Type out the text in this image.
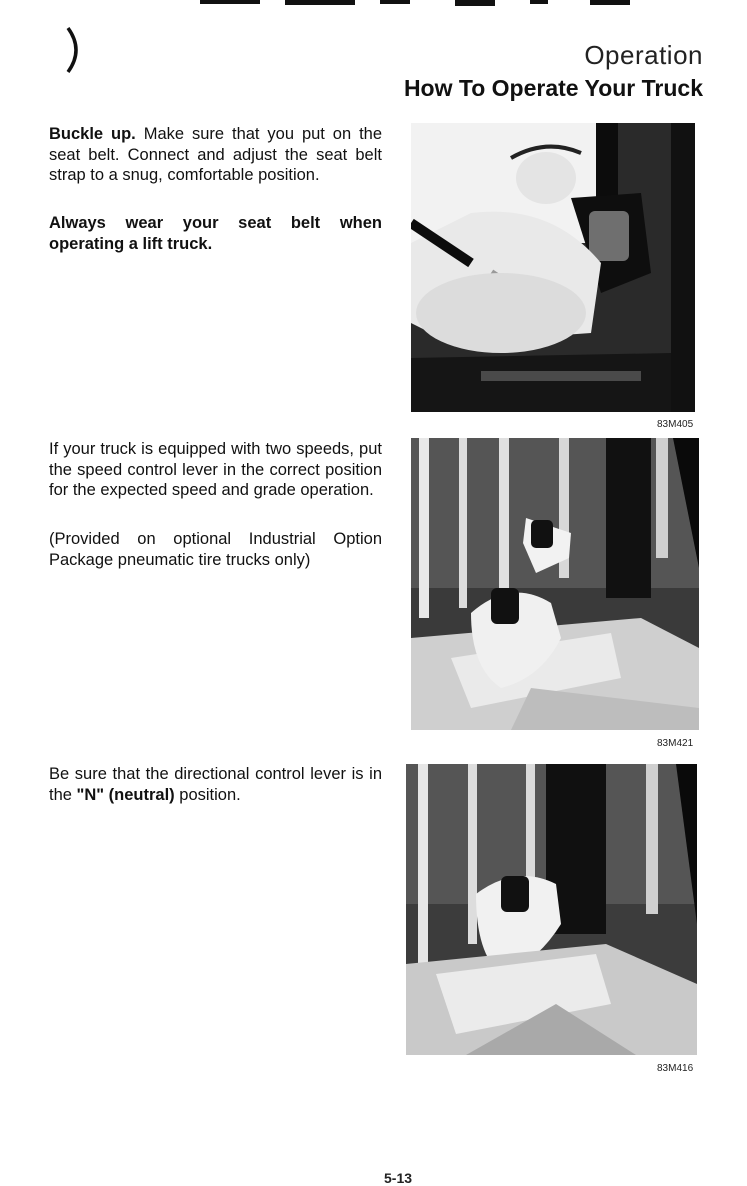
Operation
How To Operate Your Truck
Buckle up. Make sure that you put on the seat belt. Connect and adjust the seat belt strap to a snug, comfortable position.
Always wear your seat belt when operating a lift truck.
83M405
If your truck is equipped with two speeds, put the speed control lever in the correct position for the expected speed and grade operation.
(Provided on optional Industrial Option Package pneumatic tire trucks only)
83M421
Be sure that the directional control lever is in the "N" (neutral) position.
83M416
5-13
